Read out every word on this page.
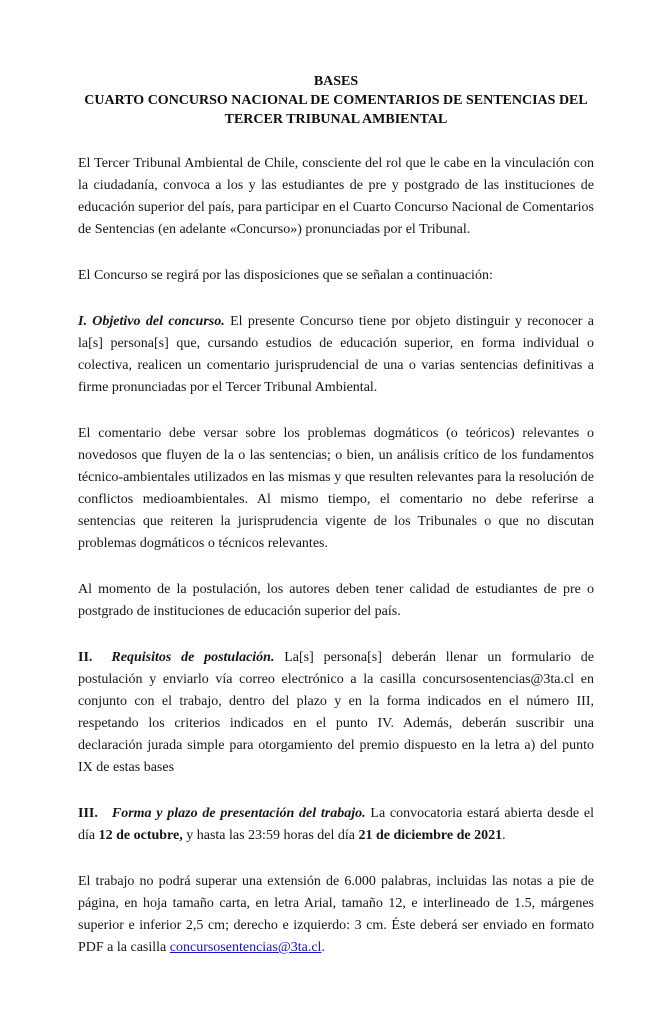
BASES
CUARTO CONCURSO NACIONAL DE COMENTARIOS DE SENTENCIAS DEL
TERCER TRIBUNAL AMBIENTAL

El Tercer Tribunal Ambiental de Chile, consciente del rol que le cabe en la vinculación con la ciudadanía, convoca a los y las estudiantes de pre y postgrado de las instituciones de educación superior del país, para participar en el Cuarto Concurso Nacional de Comentarios de Sentencias (en adelante «Concurso») pronunciadas por el Tribunal.

El Concurso se regirá por las disposiciones que se señalan a continuación:

I. Objetivo del concurso. El presente Concurso tiene por objeto distinguir y reconocer a la[s] persona[s] que, cursando estudios de educación superior, en forma individual o colectiva, realicen un comentario jurisprudencial de una o varias sentencias definitivas a firme pronunciadas por el Tercer Tribunal Ambiental.

El comentario debe versar sobre los problemas dogmáticos (o teóricos) relevantes o novedosos que fluyen de la o las sentencias; o bien, un análisis crítico de los fundamentos técnico-ambientales utilizados en las mismas y que resulten relevantes para la resolución de conflictos medioambientales. Al mismo tiempo, el comentario no debe referirse a sentencias que reiteren la jurisprudencia vigente de los Tribunales o que no discutan problemas dogmáticos o técnicos relevantes.

Al momento de la postulación, los autores deben tener calidad de estudiantes de pre o postgrado de instituciones de educación superior del país.

II. Requisitos de postulación. La[s] persona[s] deberán llenar un formulario de postulación y enviarlo vía correo electrónico a la casilla concursosentencias@3ta.cl en conjunto con el trabajo, dentro del plazo y en la forma indicados en el número III, respetando los criterios indicados en el punto IV. Además, deberán suscribir una declaración jurada simple para otorgamiento del premio dispuesto en la letra a) del punto IX de estas bases

III. Forma y plazo de presentación del trabajo. La convocatoria estará abierta desde el día 12 de octubre, y hasta las 23:59 horas del día 21 de diciembre de 2021.

El trabajo no podrá superar una extensión de 6.000 palabras, incluidas las notas a pie de página, en hoja tamaño carta, en letra Arial, tamaño 12, e interlineado de 1.5, márgenes superior e inferior 2,5 cm; derecho e izquierdo: 3 cm. Éste deberá ser enviado en formato PDF a la casilla concursosentencias@3ta.cl.
